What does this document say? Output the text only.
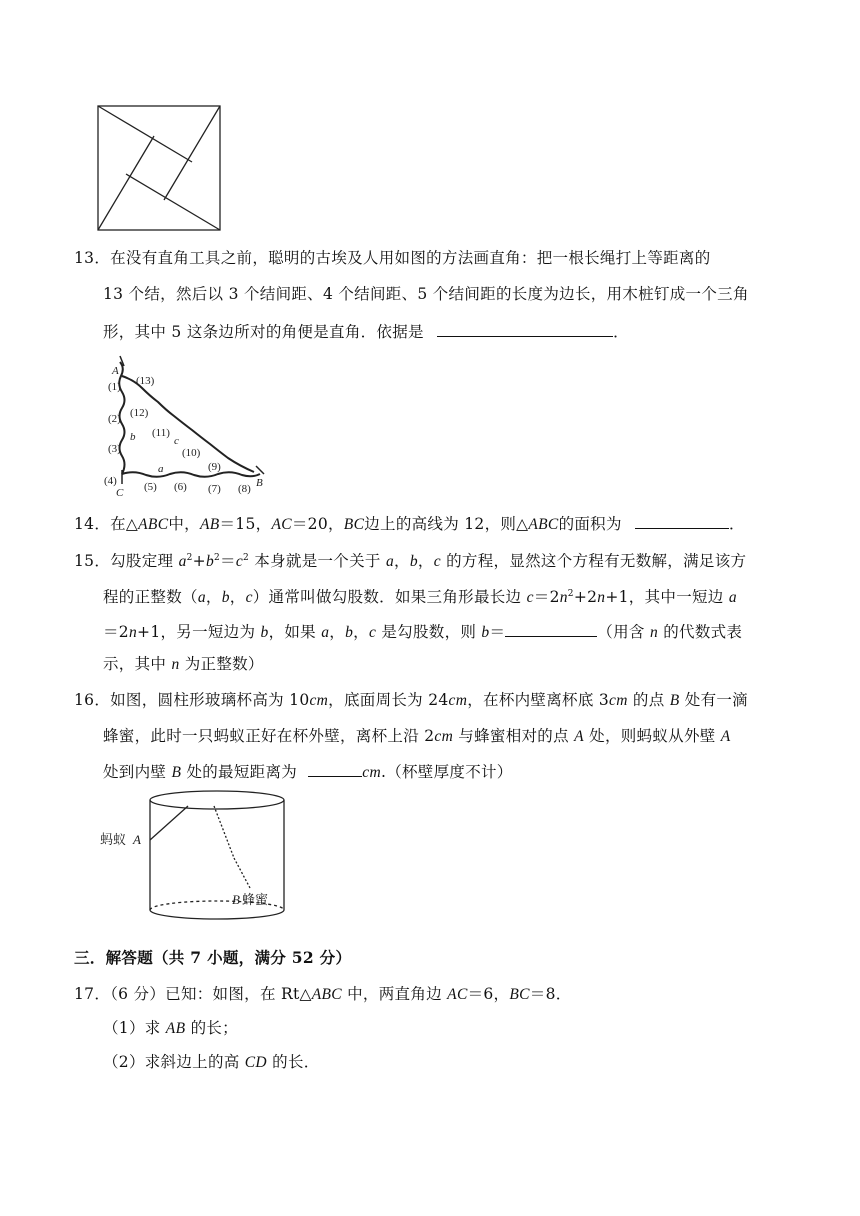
13．在没有直角工具之前，聪明的古埃及人用如图的方法画直角：把一根长绳打上等距离的
13 个结，然后以 3 个结间距、4 个结间距、5 个结间距的长度为边长，用木桩钉成一个三角
形，其中 5 这条边所对的角便是直角．依据是	．
A
(1) (13)
(2) (12)
(3)
b (11)
c
(10)
(9)
(4)
C
a
(5) (6) (7) (8) B
14．在△ABC中，AB＝15，AC＝20，BC边上的高线为 12，则△ABC的面积为	．
15．勾股定理 $a^2+b^2=c^2$ 本身就是一个关于 a，b，c 的方程，显然这个方程有无数解，满足该方
程的正整数（a，b，c）通常叫做勾股数．如果三角形最长边 $c=2n^2+2n+1$，其中一短边 a
＝2n+1，另一短边为 b，如果 a，b，c 是勾股数，则 b＝	（用含 n 的代数式表
示，其中 n 为正整数）
16．如图，圆柱形玻璃杯高为 10cm，底面周长为 24cm，在杯内壁离杯底 3cm 的点 B 处有一滴
蜂蜜，此时一只蚂蚁正好在杯外壁，离杯上沿 2cm 与蜂蜜相对的点 A 处，则蚂蚁从外壁 A
处到内壁 B 处的最短距离为	cm.（杯壁厚度不计）
蚂蚁 A
B 蜂蜜
三．解答题（共 7 小题，满分 52 分）
17．（6 分）已知：如图，在 Rt△ABC 中，两直角边 AC＝6，BC＝8．
（1）求 AB 的长；
（2）求斜边上的高 CD 的长．
